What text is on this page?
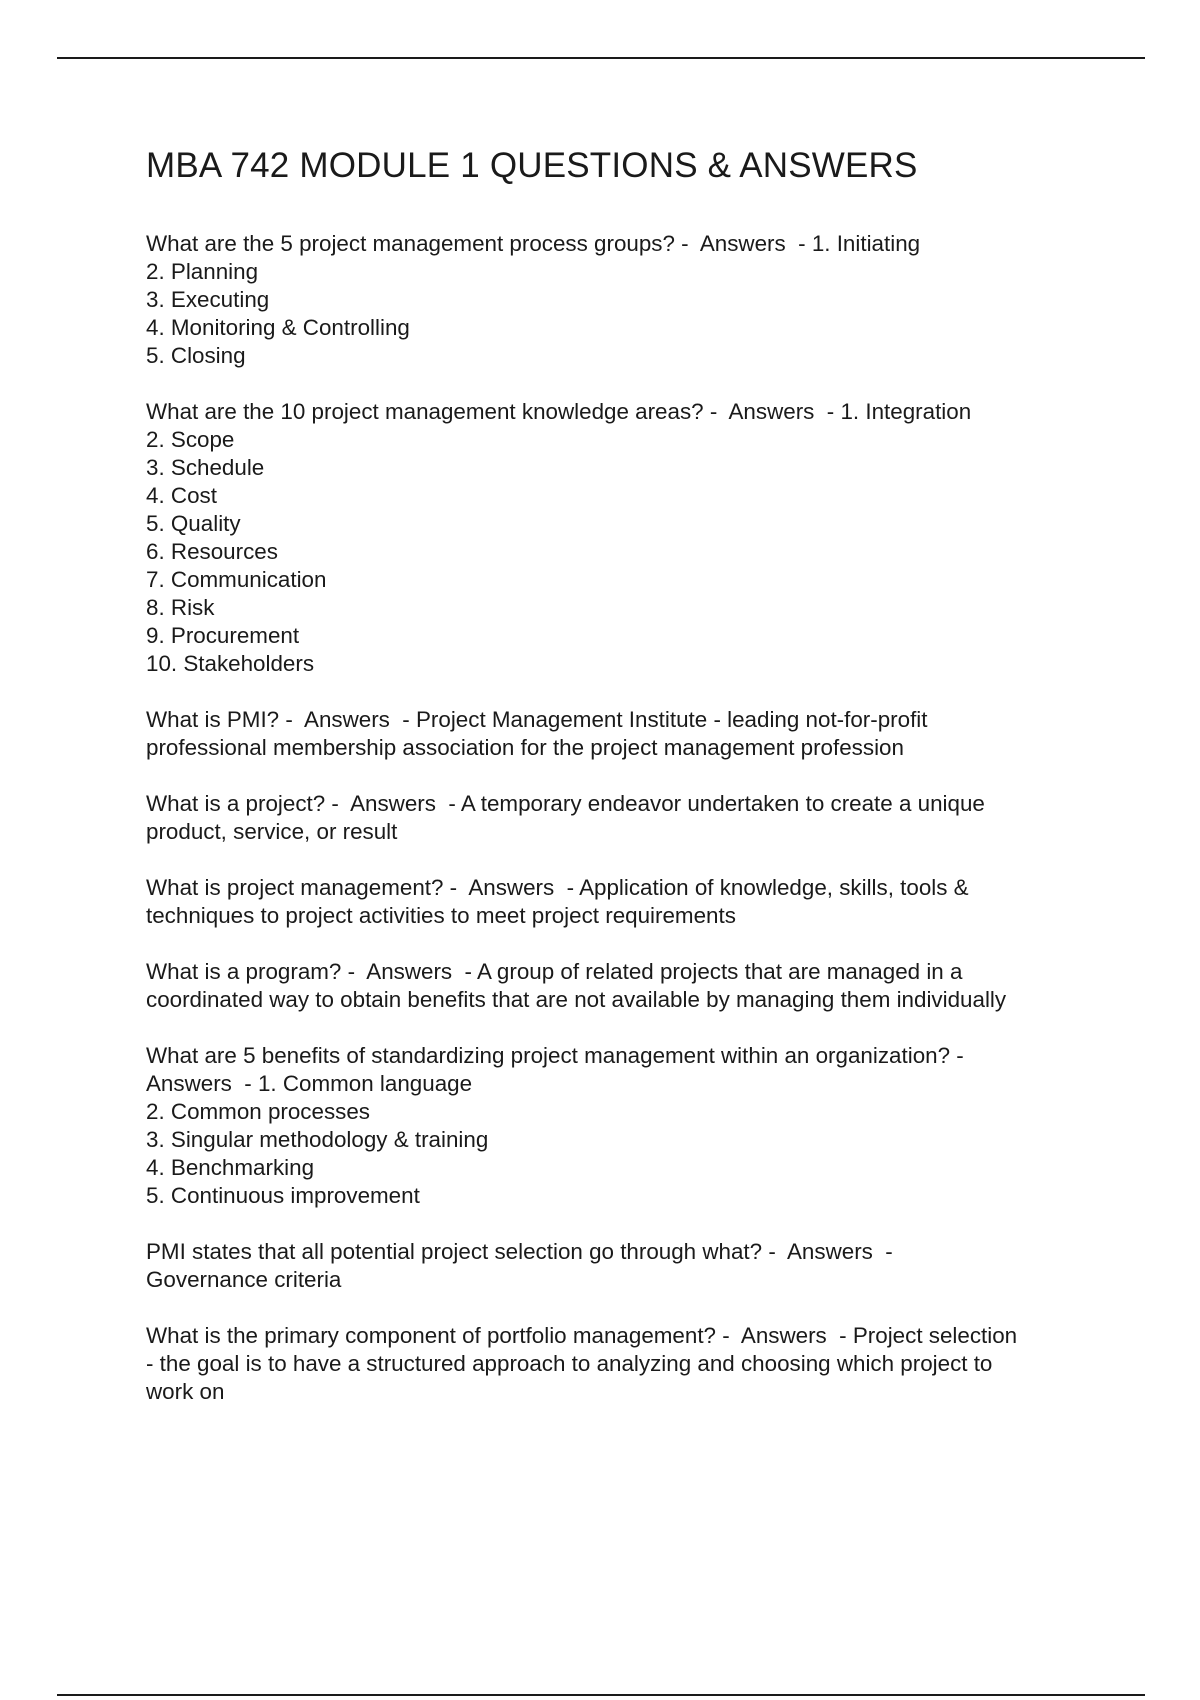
MBA 742 MODULE 1 QUESTIONS & ANSWERS
What are the 5 project management process groups? -  Answers  - 1. Initiating
2. Planning
3. Executing
4. Monitoring & Controlling
5. Closing
What are the 10 project management knowledge areas? -  Answers  - 1. Integration
2. Scope
3. Schedule
4. Cost
5. Quality
6. Resources
7. Communication
8. Risk
9. Procurement
10. Stakeholders
What is PMI? -  Answers  - Project Management Institute - leading not-for-profit
professional membership association for the project management profession
What is a project? -  Answers  - A temporary endeavor undertaken to create a unique
product, service, or result
What is project management? -  Answers  - Application of knowledge, skills, tools &
techniques to project activities to meet project requirements
What is a program? -  Answers  - A group of related projects that are managed in a
coordinated way to obtain benefits that are not available by managing them individually
What are 5 benefits of standardizing project management within an organization? -
Answers  - 1. Common language
2. Common processes
3. Singular methodology & training
4. Benchmarking
5. Continuous improvement
PMI states that all potential project selection go through what? -  Answers  -
Governance criteria
What is the primary component of portfolio management? -  Answers  - Project selection
- the goal is to have a structured approach to analyzing and choosing which project to
work on
